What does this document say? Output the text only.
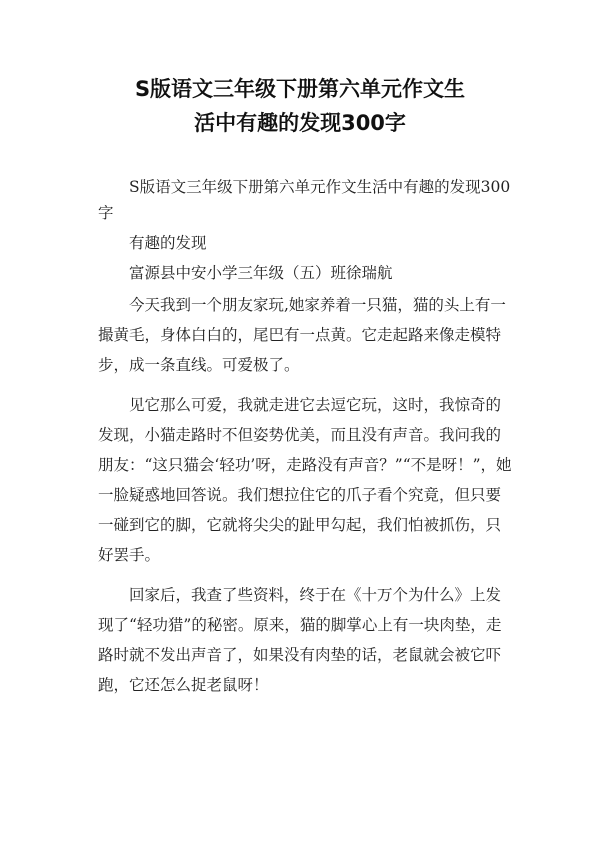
S版语文三年级下册第六单元作文生
活中有趣的发现300字

S版语文三年级下册第六单元作文生活中有趣的发现300字

有趣的发现

富源县中安小学三年级（五）班徐瑞航

今天我到一个朋友家玩,她家养着一只猫，猫的头上有一撮黄毛，身体白白的，尾巴有一点黄。它走起路来像走模特步，成一条直线。可爱极了。

见它那么可爱，我就走进它去逗它玩，这时，我惊奇的发现，小猫走路时不但姿势优美，而且没有声音。我问我的朋友：“这只猫会‘轻功’呀，走路没有声音？”“不是呀！”，她一脸疑惑地回答说。我们想拉住它的爪子看个究竟，但只要一碰到它的脚，它就将尖尖的趾甲勾起，我们怕被抓伤，只好罢手。

回家后，我查了些资料，终于在《十万个为什么》上发现了“轻功猎”的秘密。原来，猫的脚掌心上有一块肉垫，走路时就不发出声音了，如果没有肉垫的话，老鼠就会被它吓跑，它还怎么捉老鼠呀！
